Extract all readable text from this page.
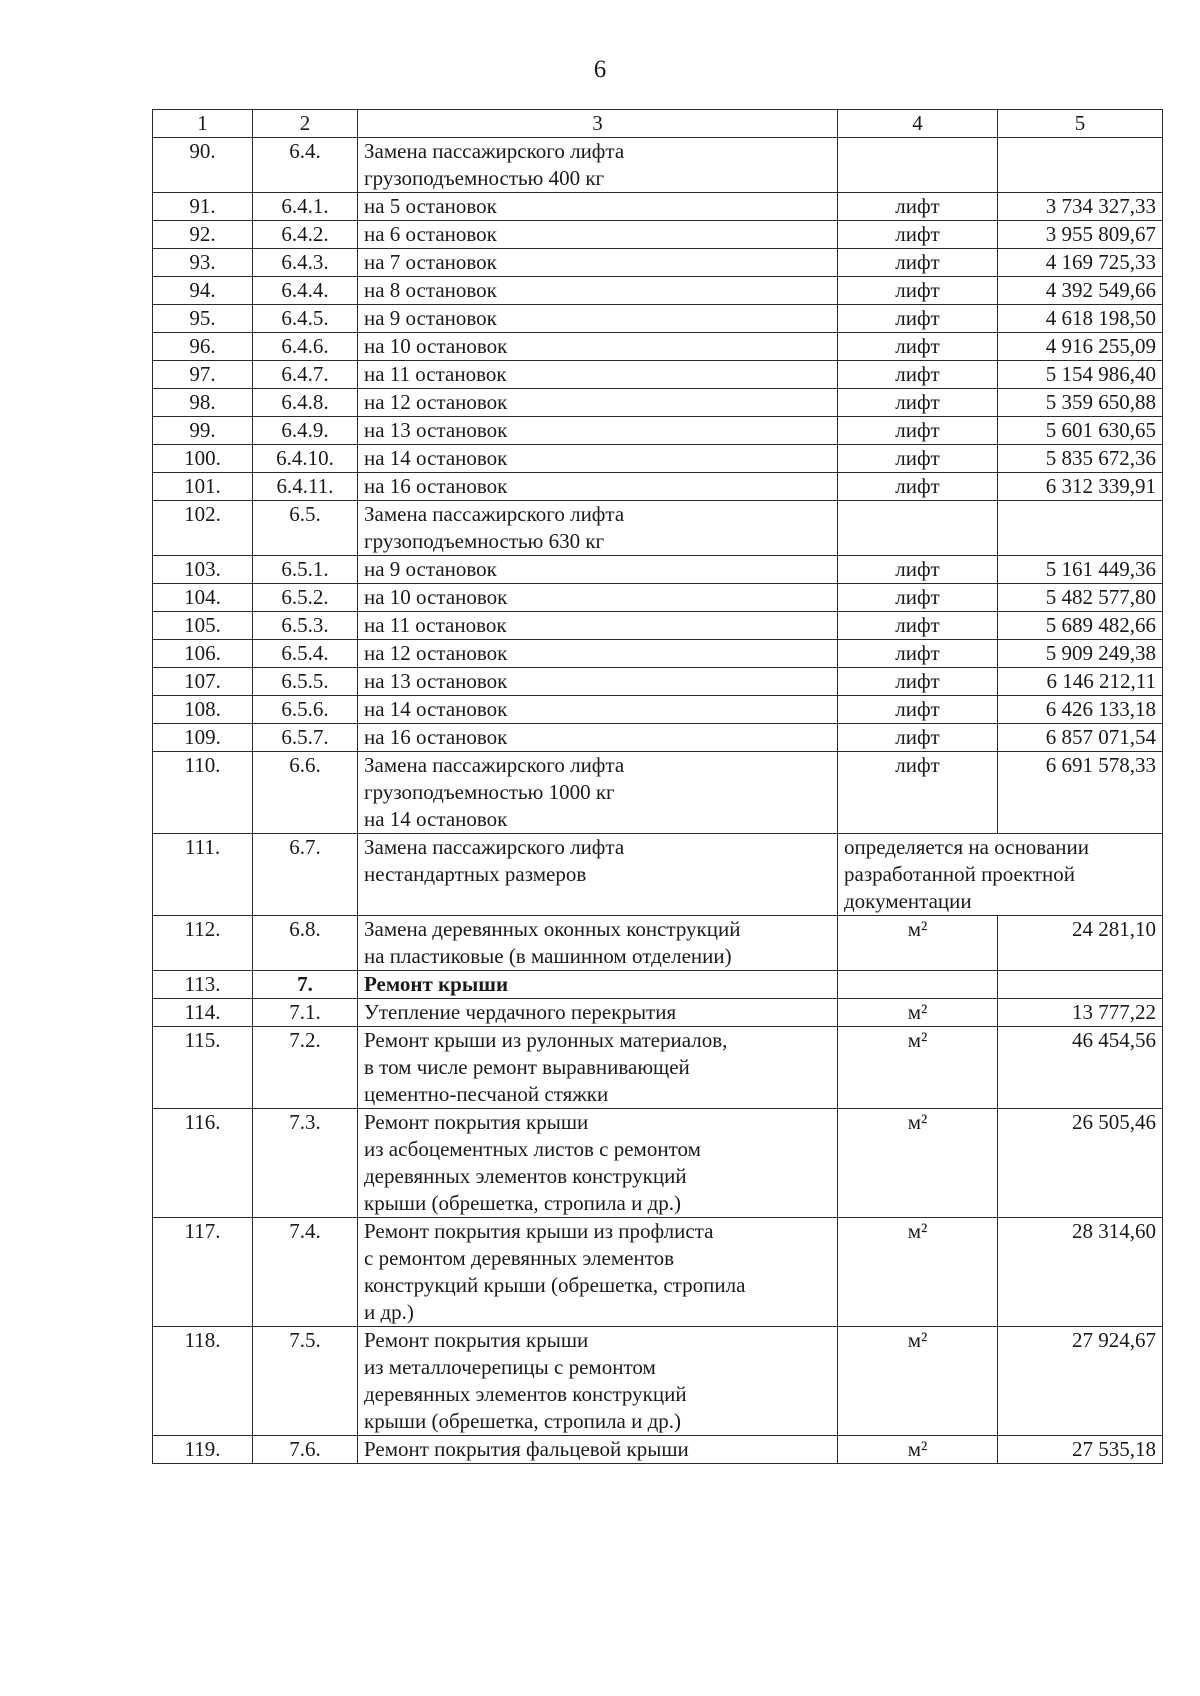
6
1	2	3	4	5
90.	6.4.	Замена пассажирского лифта
грузоподъемностью 400 кг		
91.	6.4.1.	на 5 остановок	лифт	3 734 327,33
92.	6.4.2.	на 6 остановок	лифт	3 955 809,67
93.	6.4.3.	на 7 остановок	лифт	4 169 725,33
94.	6.4.4.	на 8 остановок	лифт	4 392 549,66
95.	6.4.5.	на 9 остановок	лифт	4 618 198,50
96.	6.4.6.	на 10 остановок	лифт	4 916 255,09
97.	6.4.7.	на 11 остановок	лифт	5 154 986,40
98.	6.4.8.	на 12 остановок	лифт	5 359 650,88
99.	6.4.9.	на 13 остановок	лифт	5 601 630,65
100.	6.4.10.	на 14 остановок	лифт	5 835 672,36
101.	6.4.11.	на 16 остановок	лифт	6 312 339,91
102.	6.5.	Замена пассажирского лифта
грузоподъемностью 630 кг		
103.	6.5.1.	на 9 остановок	лифт	5 161 449,36
104.	6.5.2.	на 10 остановок	лифт	5 482 577,80
105.	6.5.3.	на 11 остановок	лифт	5 689 482,66
106.	6.5.4.	на 12 остановок	лифт	5 909 249,38
107.	6.5.5.	на 13 остановок	лифт	6 146 212,11
108.	6.5.6.	на 14 остановок	лифт	6 426 133,18
109.	6.5.7.	на 16 остановок	лифт	6 857 071,54
110.	6.6.	Замена пассажирского лифта
грузоподъемностью 1000 кг
на 14 остановок	лифт	6 691 578,33
111.	6.7.	Замена пассажирского лифта
нестандартных размеров	определяется на основании
разработанной проектной
документации	
112.	6.8.	Замена деревянных оконных конструкций
на пластиковые (в машинном отделении)	м²	24 281,10
113.	7.	Ремонт крыши		
114.	7.1.	Утепление чердачного перекрытия	м²	13 777,22
115.	7.2.	Ремонт крыши из рулонных материалов,
в том числе ремонт выравнивающей
цементно-песчаной стяжки	м²	46 454,56
116.	7.3.	Ремонт покрытия крыши
из асбоцементных листов с ремонтом
деревянных элементов конструкций
крыши (обрешетка, стропила и др.)	м²	26 505,46
117.	7.4.	Ремонт покрытия крыши из профлиста
с ремонтом деревянных элементов
конструкций крыши (обрешетка, стропила
и др.)	м²	28 314,60
118.	7.5.	Ремонт покрытия крыши
из металлочерепицы с ремонтом
деревянных элементов конструкций
крыши (обрешетка, стропила и др.)	м²	27 924,67
119.	7.6.	Ремонт покрытия фальцевой крыши	м²	27 535,18
